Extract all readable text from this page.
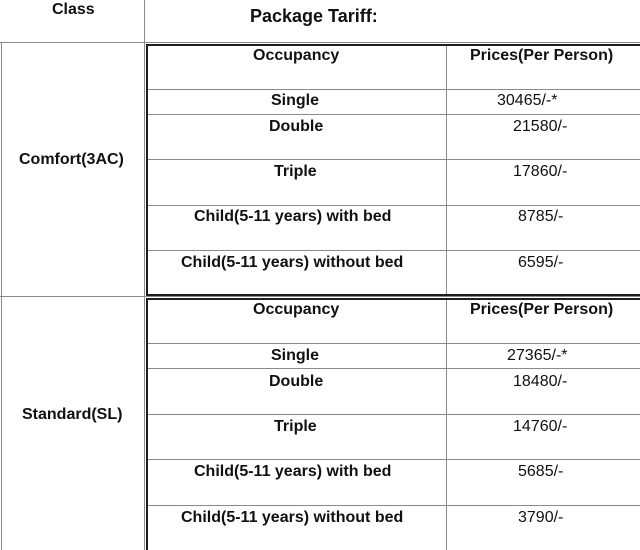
Class	Package Tariff:
Comfort(3AC)
Occupancy	Prices(Per Person)
Single	30465/-*
Double	21580/-
Triple	17860/-
Child(5-11 years) with bed	8785/-
Child(5-11 years) without bed	6595/-
Standard(SL)
Occupancy	Prices(Per Person)
Single	27365/-*
Double	18480/-
Triple	14760/-
Child(5-11 years) with bed	5685/-
Child(5-11 years) without bed	3790/-
